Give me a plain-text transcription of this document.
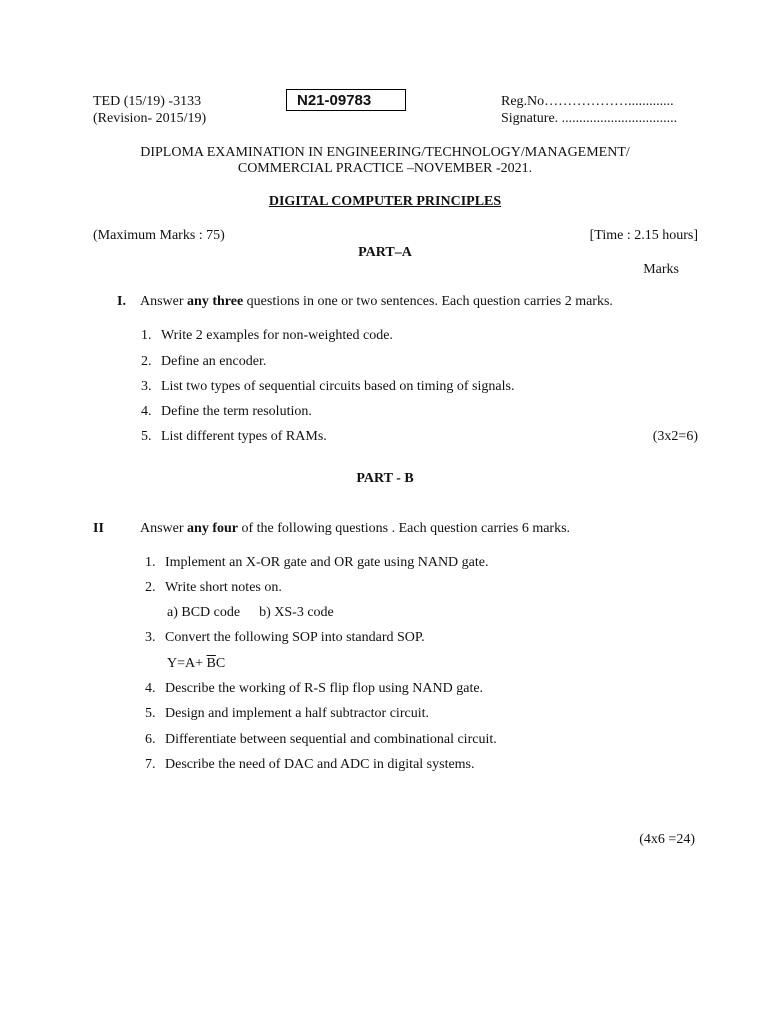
TED (15/19) -3133
(Revision- 2015/19)
N21-09783	Reg.No……………….............
Signature. .................................
DIPLOMA EXAMINATION IN ENGINEERING/TECHNOLOGY/MANAGEMENT/
COMMERCIAL PRACTICE –NOVEMBER -2021.
DIGITAL COMPUTER PRINCIPLES
(Maximum Marks : 75)	[Time : 2.15 hours]
PART–A
Marks
I. Answer any three questions in one or two sentences. Each question carries 2 marks.
1. Write 2 examples for non-weighted code.
2. Define an encoder.
3. List two types of sequential circuits based on timing of signals.
4. Define the term resolution.
5. List different types of RAMs.	(3x2=6)
PART - B
II	Answer any four of the following questions . Each question carries 6 marks.
1. Implement an X-OR gate and OR gate using NAND gate.
2. Write short notes on.
a) BCD code b) XS-3 code
3. Convert the following SOP into standard SOP.
$Y=A+ \overline{B}C$
4. Describe the working of R-S flip flop using NAND gate.
5. Design and implement a half subtractor circuit.
6. Differentiate between sequential and combinational circuit.
7. Describe the need of DAC and ADC in digital systems.
(4x6 =24)
